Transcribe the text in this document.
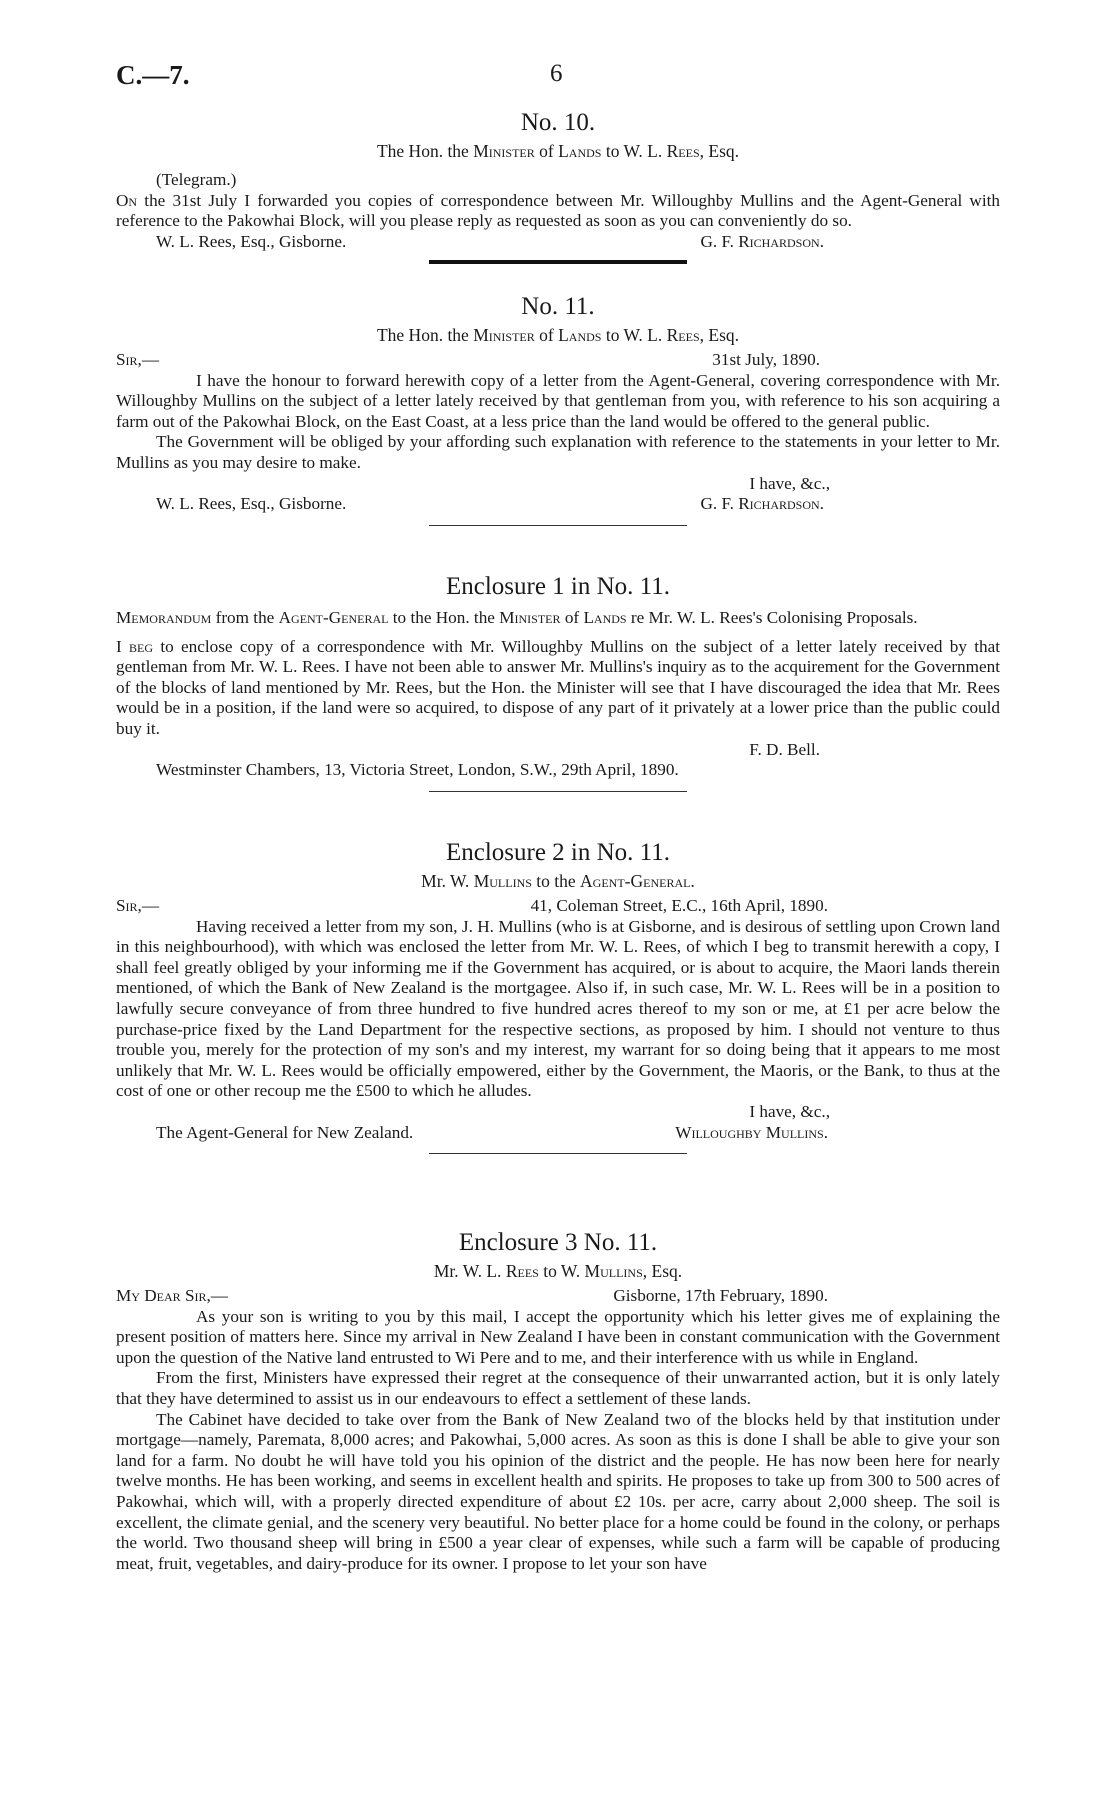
C.—7.	6
No. 10.
The Hon. the Minister of Lands to W. L. Rees, Esq.
(Telegram.)

On the 31st July I forwarded you copies of correspondence between Mr. Willoughby Mullins and the Agent-General with reference to the Pakowhai Block, will you please reply as requested as soon as you can conveniently do so.

W. L. Rees, Esq., Gisborne.	G. F. Richardson.
No. 11.
The Hon. the Minister of Lands to W. L. Rees, Esq.
Sir,—	31st July, 1890.

I have the honour to forward herewith copy of a letter from the Agent-General, covering correspondence with Mr. Willoughby Mullins on the subject of a letter lately received by that gentleman from you, with reference to his son acquiring a farm out of the Pakowhai Block, on the East Coast, at a less price than the land would be offered to the general public.

The Government will be obliged by your affording such explanation with reference to the statements in your letter to Mr. Mullins as you may desire to make.

I have, &c.,
W. L. Rees, Esq., Gisborne.	G. F. Richardson.
Enclosure 1 in No. 11.

Memorandum from the Agent-General to the Hon. the Minister of Lands re Mr. W. L. Rees's Colonising Proposals.

I beg to enclose copy of a correspondence with Mr. Willoughby Mullins on the subject of a letter lately received by that gentleman from Mr. W. L. Rees. I have not been able to answer Mr. Mullins's inquiry as to the acquirement for the Government of the blocks of land mentioned by Mr. Rees, but the Hon. the Minister will see that I have discouraged the idea that Mr. Rees would be in a position, if the land were so acquired, to dispose of any part of it privately at a lower price than the public could buy it.

F. D. Bell.
Westminster Chambers, 13, Victoria Street, London, S.W., 29th April, 1890.
Enclosure 2 in No. 11.
Mr. W. Mullins to the Agent-General.
Sir,—	41, Coleman Street, E.C., 16th April, 1890.

Having received a letter from my son, J. H. Mullins (who is at Gisborne, and is desirous of settling upon Crown land in this neighbourhood), with which was enclosed the letter from Mr. W. L. Rees, of which I beg to transmit herewith a copy, I shall feel greatly obliged by your informing me if the Government has acquired, or is about to acquire, the Maori lands therein mentioned, of which the Bank of New Zealand is the mortgagee. Also if, in such case, Mr. W. L. Rees will be in a position to lawfully secure conveyance of from three hundred to five hundred acres thereof to my son or me, at £1 per acre below the purchase-price fixed by the Land Department for the respective sections, as proposed by him. I should not venture to thus trouble you, merely for the protection of my son's and my interest, my warrant for so doing being that it appears to me most unlikely that Mr. W. L. Rees would be officially empowered, either by the Government, the Maoris, or the Bank, to thus at the cost of one or other recoup me the £500 to which he alludes.

I have, &c.,
The Agent-General for New Zealand.	Willoughby Mullins.
Enclosure 3 No. 11.
Mr. W. L. Rees to W. Mullins, Esq.
My Dear Sir,—	Gisborne, 17th February, 1890.

As your son is writing to you by this mail, I accept the opportunity which his letter gives me of explaining the present position of matters here. Since my arrival in New Zealand I have been in constant communication with the Government upon the question of the Native land entrusted to Wi Pere and to me, and their interference with us while in England.

From the first, Ministers have expressed their regret at the consequence of their unwarranted action, but it is only lately that they have determined to assist us in our endeavours to effect a settlement of these lands.

The Cabinet have decided to take over from the Bank of New Zealand two of the blocks held by that institution under mortgage—namely, Paremata, 8,000 acres; and Pakowhai, 5,000 acres. As soon as this is done I shall be able to give your son land for a farm. No doubt he will have told you his opinion of the district and the people. He has now been here for nearly twelve months. He has been working, and seems in excellent health and spirits. He proposes to take up from 300 to 500 acres of Pakowhai, which will, with a properly directed expenditure of about £2 10s. per acre, carry about 2,000 sheep. The soil is excellent, the climate genial, and the scenery very beautiful. No better place for a home could be found in the colony, or perhaps the world. Two thousand sheep will bring in £500 a year clear of expenses, while such a farm will be capable of producing meat, fruit, vegetables, and dairy-produce for its owner. I propose to let your son have
